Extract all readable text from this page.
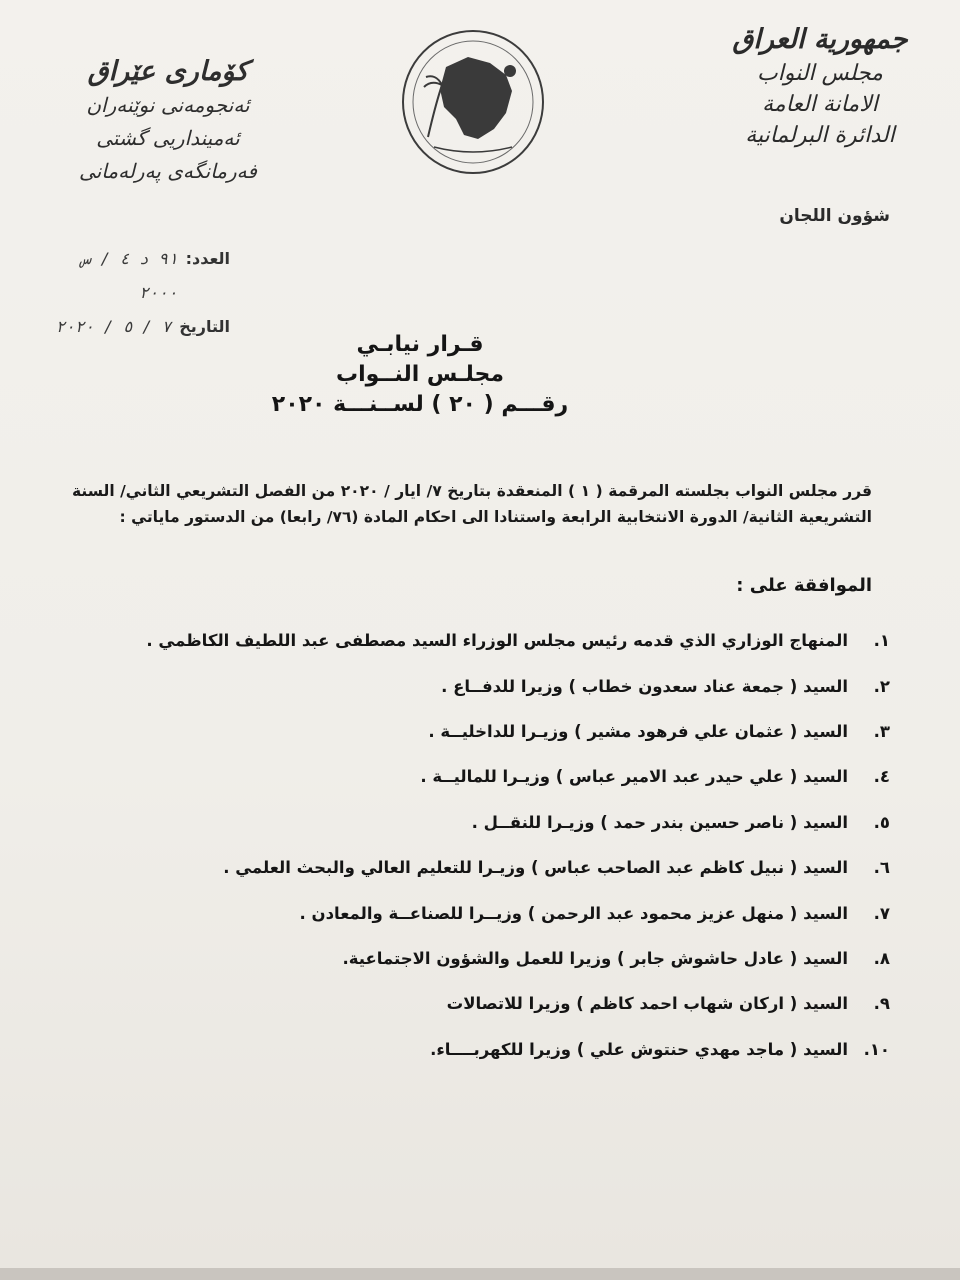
جمهورية العراق
مجلس النواب
الامانة العامة
الدائرة البرلمانية
كۆماری عێراق
ئەنجومەنی نوێنەران
ئەمینداریی گشتی
فەرمانگەی پەرلەمانی
شؤون اللجان
العدد:
٩١ د ٤ / س ٢٠٠٠
التاريخ
٧ / ٥ / ٢٠٢٠
قـرار نيابـي
مجلـس النــواب
رقـــم ( ٢٠ ) لســنـــة ٢٠٢٠

قرر مجلس النواب بجلسته المرقمة ( ١ ) المنعقدة بتاريخ ٧/ ايار / ٢٠٢٠ من الفصل التشريعي الثاني/ السنة التشريعية الثانية/ الدورة الانتخابية الرابعة واستنادا الى احكام المادة (٧٦/ رابعا) من الدستور ماياتي :

الموافقة على :
١.
المنهاج الوزاري الذي قدمه رئيس مجلس الوزراء السيد مصطفى عبد اللطيف الكاظمي .
٢.
السيد ( جمعة عناد سعدون خطاب ) وزيرا للدفــاع .
٣.
السيد ( عثمان علي فرهود مشير ) وزيـرا للداخليــة .
٤.
السيد ( علي حيدر عبد الامير عباس ) وزيـرا للماليــة .
٥.
السيد ( ناصر حسين بندر حمد ) وزيـرا للنقــل .
٦.
السيد ( نبيل كاظم عبد الصاحب عباس ) وزيـرا للتعليم العالي والبحث العلمي .
٧.
السيد ( منهل عزيز محمود عبد الرحمن ) وزيــرا للصناعــة والمعادن .
٨.
السيد ( عادل حاشوش جابر ) وزيرا للعمل والشؤون الاجتماعية.
٩.
السيد ( اركان شهاب احمد كاظم ) وزيرا للاتصالات
١٠.
السيد ( ماجد مهدي حنتوش علي ) وزيرا للكهربــــاء.
